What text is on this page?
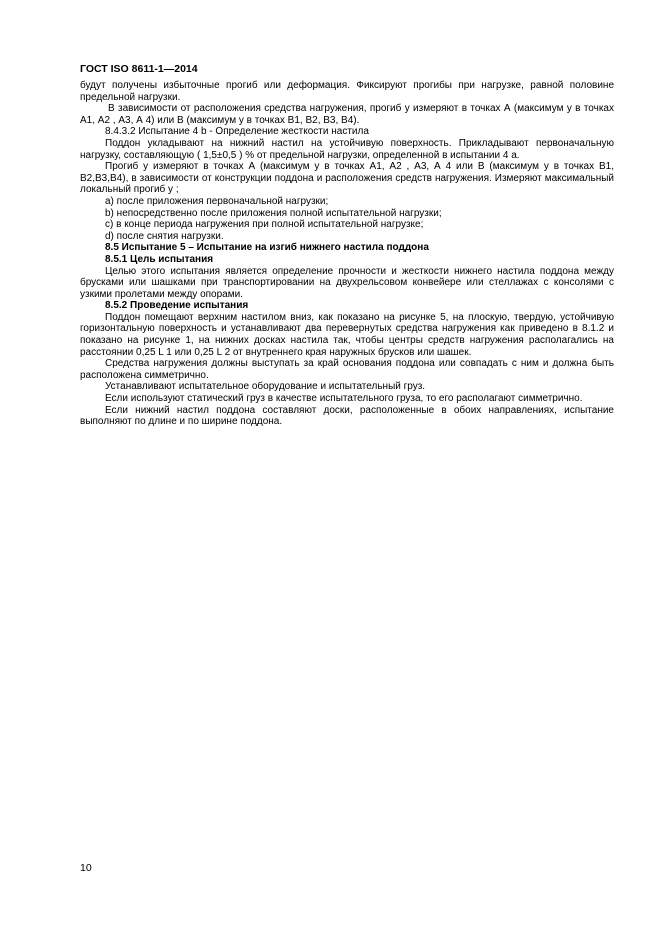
ГОСТ ISO 8611-1—2014

будут получены избыточные прогиб или деформация. Фиксируют прогибы при нагрузке, равной половине предельной нагрузки.

В зависимости от расположения средства нагружения, прогиб y измеряют в точках А (максимум y в точках А1, А2 , А3, А 4) или В (максимум y в точках В1, В2, В3, В4).

8.4.3.2 Испытание 4 b - Определение жесткости настила

Поддон укладывают на нижний настил на устойчивую поверхность. Прикладывают первоначальную нагрузку, составляющую ( 1,5±0,5 ) % от предельной нагрузки, определенной в испытании 4 а.

Прогиб y измеряют в точках А (максимум y в точках А1, А2 , А3, А 4 или В (максимум y в точках В1, В2,В3,В4), в зависимости от конструкции поддона и расположения средств нагружения. Измеряют максимальный локальный прогиб y ;

a) после приложения первоначальной нагрузки;

b) непосредственно после приложения полной испытательной нагрузки;

c) в конце периода нагружения при полной испытательной нагрузке;

d) после снятия нагрузки.

8.5 Испытание 5 – Испытание на изгиб нижнего настила поддона

8.5.1 Цель испытания

Целью этого испытания является определение прочности и жесткости нижнего настила поддона между брусками или шашками при транспортировании на двухрельсовом конвейере или стеллажах с консолями с узкими пролетами между опорами.

8.5.2 Проведение испытания

Поддон помещают верхним настилом вниз, как показано на рисунке 5, на плоскую, твердую, устойчивую горизонтальную поверхность и устанавливают два перевернутых средства нагружения как приведено в 8.1.2 и показано на рисунке 1, на нижних досках настила так, чтобы центры средств нагружения располагались на расстоянии 0,25 L 1 или 0,25 L 2 от внутреннего края наружных брусков или шашек.

Средства нагружения должны выступать за край основания поддона или совпадать с ним и должна быть расположена симметрично.

Устанавливают испытательное оборудование и испытательный груз.

Если используют статический груз в качестве испытательного груза, то его располагают симметрично.

Если нижний настил поддона составляют доски, расположенные в обоих направлениях, испытание выполняют по длине и по ширине поддона.

10
